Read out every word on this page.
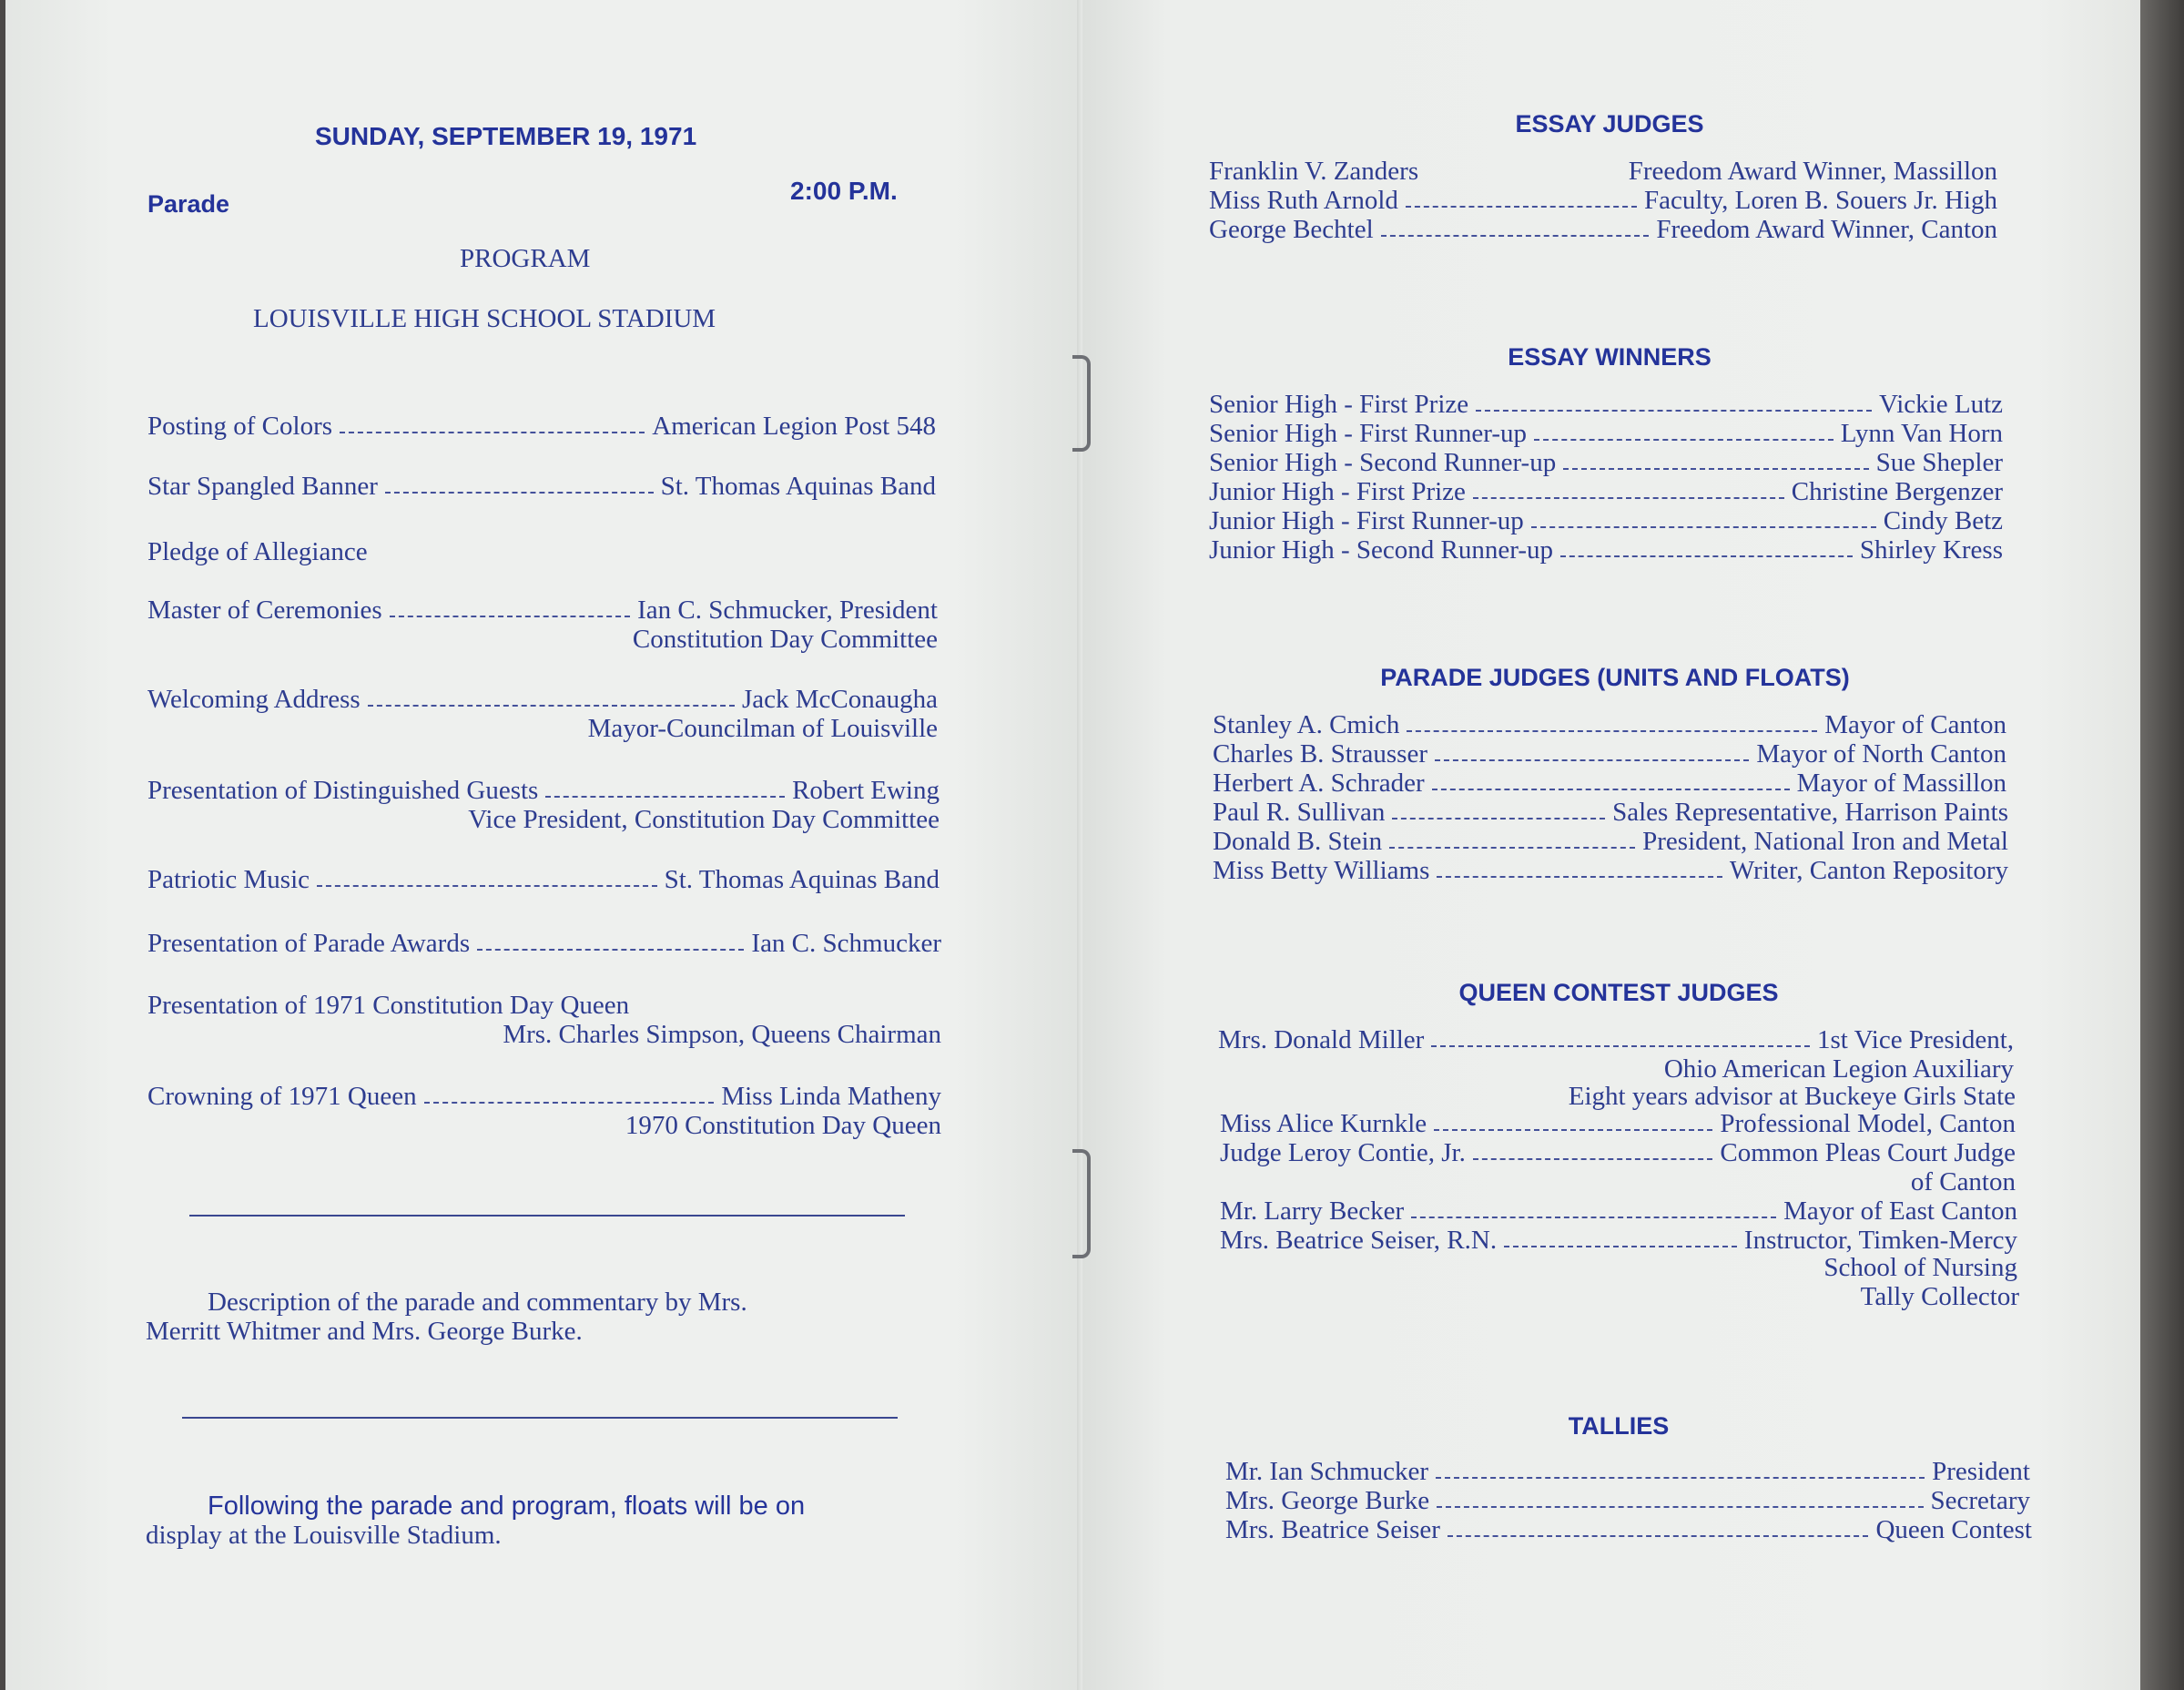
SUNDAY, SEPTEMBER 19, 1971
Parade	2:00 P.M.
PROGRAM
LOUISVILLE HIGH SCHOOL STADIUM
Posting of Colors	American Legion Post 548
Star Spangled Banner	St. Thomas Aquinas Band
Pledge of Allegiance
Master of Ceremonies	Ian C. Schmucker, President
Constitution Day Committee
Welcoming Address	Jack McConaugha
Mayor-Councilman of Louisville
Presentation of Distinguished Guests	Robert Ewing
Vice President, Constitution Day Committee
Patriotic Music	St. Thomas Aquinas Band
Presentation of Parade Awards	Ian C. Schmucker
Presentation of 1971 Constitution Day Queen
Mrs. Charles Simpson, Queens Chairman
Crowning of 1971 Queen	Miss Linda Matheny
1970 Constitution Day Queen
Description of the parade and commentary by Mrs.
Merritt Whitmer and Mrs. George Burke.
Following the parade and program, floats will be on
display at the Louisville Stadium.
ESSAY JUDGES
Franklin V. Zanders	Freedom Award Winner, Massillon
Miss Ruth Arnold	Faculty, Loren B. Souers Jr. High
George Bechtel	Freedom Award Winner, Canton
ESSAY WINNERS
Senior High - First Prize	Vickie Lutz
Senior High - First Runner-up	Lynn Van Horn
Senior High - Second Runner-up	Sue Shepler
Junior High - First Prize	Christine Bergenzer
Junior High - First Runner-up	Cindy Betz
Junior High - Second Runner-up	Shirley Kress
PARADE JUDGES (UNITS AND FLOATS)
Stanley A. Cmich	Mayor of Canton
Charles B. Strausser	Mayor of North Canton
Herbert A. Schrader	Mayor of Massillon
Paul R. Sullivan	Sales Representative, Harrison Paints
Donald B. Stein	President, National Iron and Metal
Miss Betty Williams	Writer, Canton Repository
QUEEN CONTEST JUDGES
Mrs. Donald Miller	1st Vice President,
Ohio American Legion Auxiliary
Eight years advisor at Buckeye Girls State
Miss Alice Kurnkle	Professional Model, Canton
Judge Leroy Contie, Jr.	Common Pleas Court Judge
of Canton
Mr. Larry Becker	Mayor of East Canton
Mrs. Beatrice Seiser, R.N.	Instructor, Timken-Mercy
School of Nursing
Tally Collector
TALLIES
Mr. Ian Schmucker	President
Mrs. George Burke	Secretary
Mrs. Beatrice Seiser	Queen Contest
